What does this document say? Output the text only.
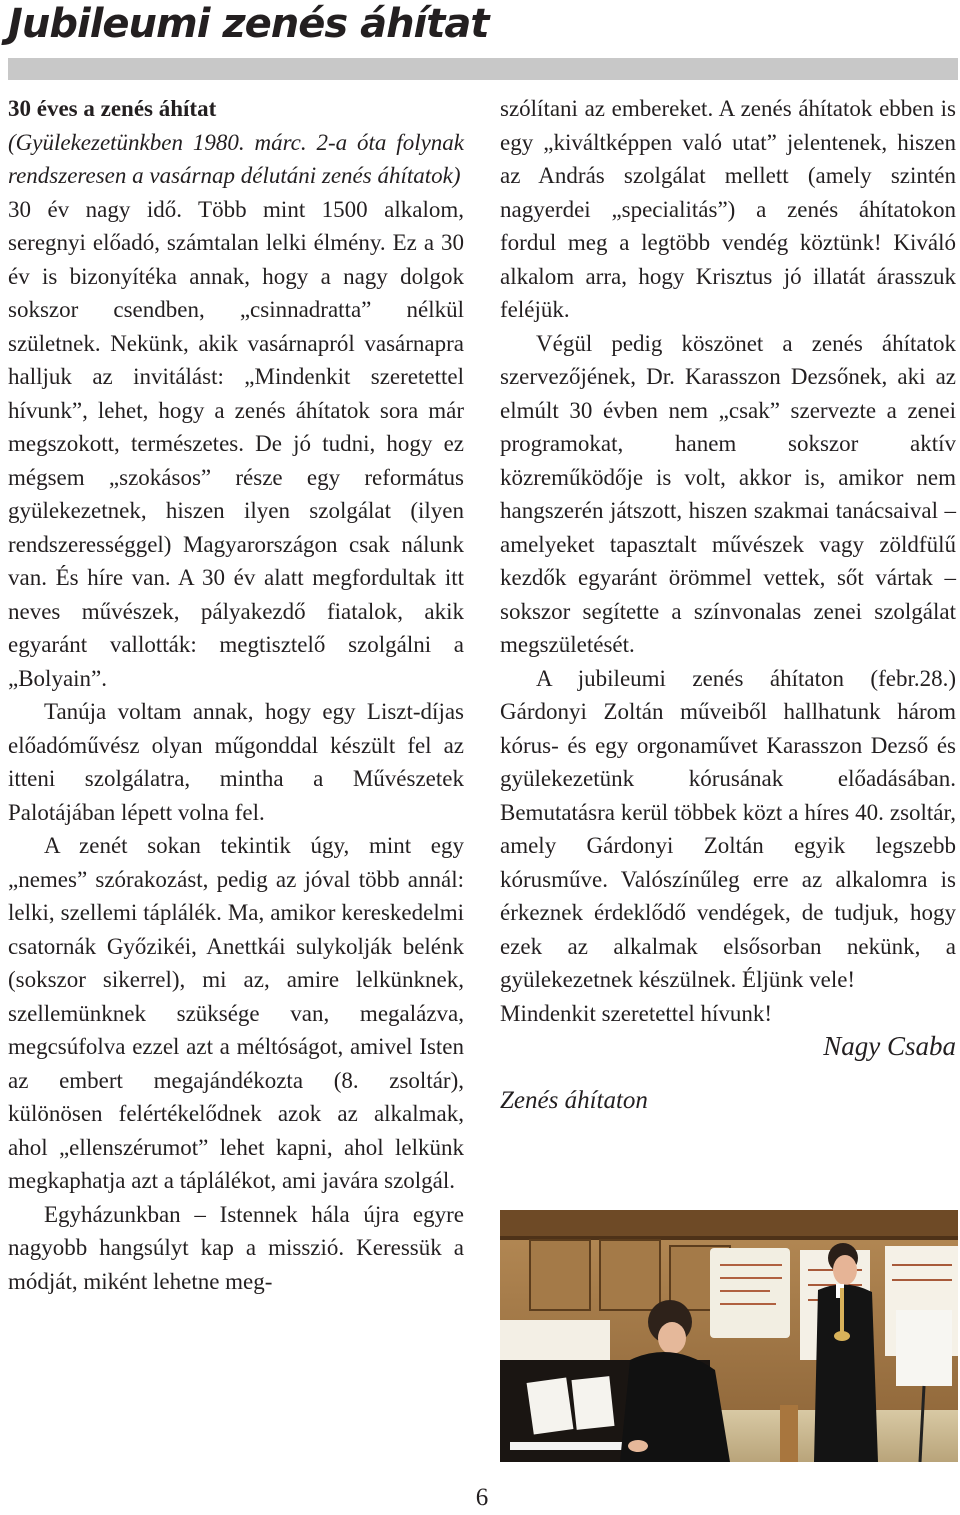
Jubileumi zenés áhítat

30 éves a zenés áhítat

(Gyülekezetünkben 1980. márc. 2-a óta folynak rendszeresen a vasárnap délutáni zenés áhítatok)

30 év nagy idő. Több mint 1500 alkalom, seregnyi előadó, számtalan lelki élmény. Ez a 30 év is bizonyítéka annak, hogy a nagy dolgok sokszor csendben, „csinnadratta” nélkül születnek. Nekünk, akik vasárnapról vasárnapra halljuk az invitálást: „Mindenkit szeretettel hívunk”, lehet, hogy a zenés áhítatok sora már megszokott, természetes. De jó tudni, hogy ez mégsem „szokásos” része egy református gyülekezetnek, hiszen ilyen szolgálat (ilyen rendszerességgel) Magyarországon csak nálunk van. És híre van. A 30 év alatt megfordultak itt neves művészek, pályakezdő fiatalok, akik egyaránt vallották: megtisztelő szolgálni a „Bolyain”.

Tanúja voltam annak, hogy egy Liszt-díjas előadóművész olyan műgonddal készült fel az itteni szolgálatra, mintha a Művészetek Palotájában lépett volna fel.

A zenét sokan tekintik úgy, mint egy „nemes” szórakozást, pedig az jóval több annál: lelki, szellemi táplálék. Ma, amikor kereskedelmi csatornák Győzikéi, Anettkái sulykolják belénk (sokszor sikerrel), mi az, amire lelkünknek, szellemünknek szüksége van, megalázva, megcsúfolva ezzel azt a méltóságot, amivel Isten az embert megajándékozta (8. zsoltár), különösen felértékelődnek azok az alkalmak, ahol „ellenszérumot” lehet kapni, ahol lelkünk megkaphatja azt a táplálékot, ami javára szolgál.

Egyházunkban – Istennek hála újra egyre nagyobb hangsúlyt kap a misszió. Keressük a módját, miként lehetne meg-

szólítani az embereket. A zenés áhítatok ebben is egy „kiváltképpen való utat” jelentenek, hiszen az András szolgálat mellett (amely szintén nagyerdei „specialitás”) a zenés áhítatokon fordul meg a legtöbb vendég köztünk! Kiváló alkalom arra, hogy Krisztus jó illatát árasszuk feléjük.

Végül pedig köszönet a zenés áhítatok szervezőjének, Dr. Karasszon Dezsőnek, aki az elmúlt 30 évben nem „csak” szervezte a zenei programokat, hanem sokszor aktív közreműködője is volt, akkor is, amikor nem hangszerén játszott, hiszen szakmai tanácsaival – amelyeket tapasztalt művészek vagy zöldfülű kezdők egyaránt örömmel vettek, sőt vártak – sokszor segítette a színvonalas zenei szolgálat megszületését.

A jubileumi zenés áhítaton (febr.28.) Gárdonyi Zoltán műveiből hallhatunk három kórus- és egy orgonaművet Karasszon Dezső és gyülekezetünk kórusának előadásában. Bemutatásra kerül többek közt a híres 40. zsoltár, amely Gárdonyi Zoltán egyik legszebb kórusműve. Valószínűleg erre az alkalomra is érkeznek érdeklődő vendégek, de tudjuk, hogy ezek az alkalmak elsősorban nekünk, a gyülekezetnek készülnek. Éljünk vele!

Mindenkit szeretettel hívunk!

Nagy Csaba

Zenés áhítaton
6
